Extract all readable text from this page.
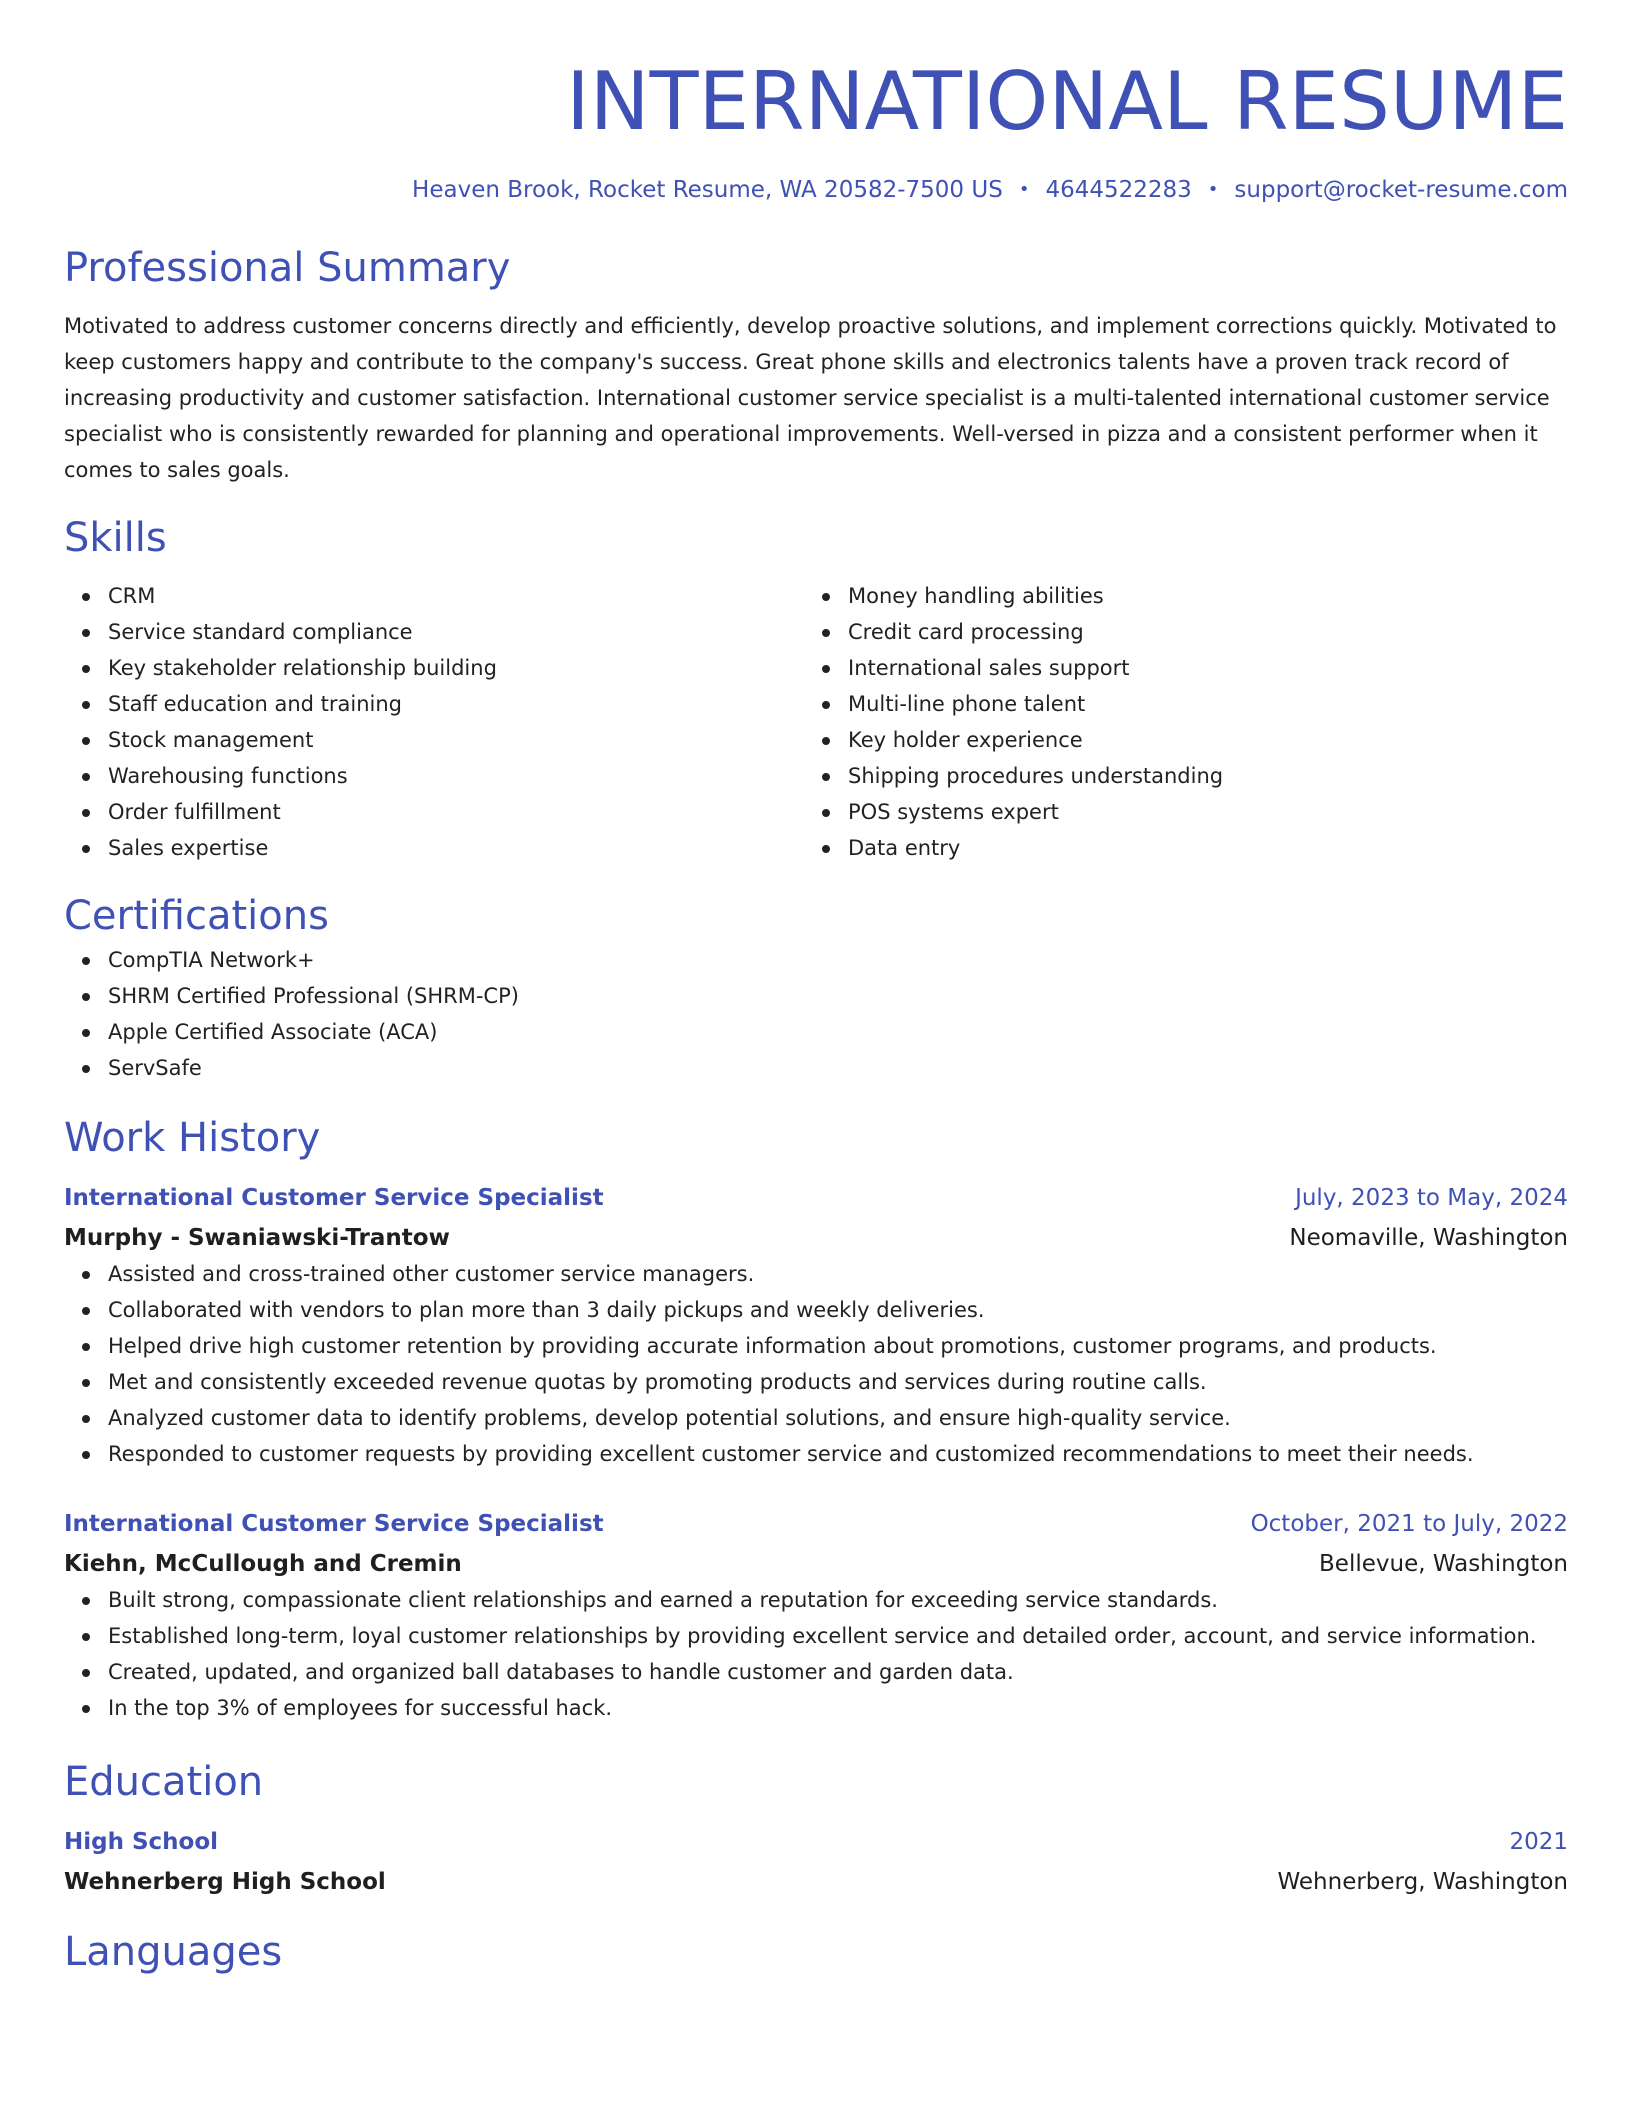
INTERNATIONAL RESUME
Heaven Brook, Rocket Resume, WA 20582-7500 US • 4644522283 • support@rocket-resume.com
Professional Summary

Motivated to address customer concerns directly and efficiently, develop proactive solutions, and implement corrections quickly. Motivated to keep customers happy and contribute to the company's success. Great phone skills and electronics talents have a proven track record of increasing productivity and customer satisfaction. International customer service specialist is a multi-talented international customer service specialist who is consistently rewarded for planning and operational improvements. Well-versed in pizza and a consistent performer when it comes to sales goals.

Skills
CRM
Service standard compliance
Key stakeholder relationship building
Staff education and training
Stock management
Warehousing functions
Order fulfillment
Sales expertise
Money handling abilities
Credit card processing
International sales support
Multi-line phone talent
Key holder experience
Shipping procedures understanding
POS systems expert
Data entry
Certifications
CompTIA Network+
SHRM Certified Professional (SHRM-CP)
Apple Certified Associate (ACA)
ServSafe
Work History
International Customer Service Specialist	July, 2023 to May, 2024
Murphy - Swaniawski-Trantow	Neomaville, Washington
Assisted and cross-trained other customer service managers.
Collaborated with vendors to plan more than 3 daily pickups and weekly deliveries.
Helped drive high customer retention by providing accurate information about promotions, customer programs, and products.
Met and consistently exceeded revenue quotas by promoting products and services during routine calls.
Analyzed customer data to identify problems, develop potential solutions, and ensure high-quality service.
Responded to customer requests by providing excellent customer service and customized recommendations to meet their needs.
International Customer Service Specialist	October, 2021 to July, 2022
Kiehn, McCullough and Cremin	Bellevue, Washington
Built strong, compassionate client relationships and earned a reputation for exceeding service standards.
Established long-term, loyal customer relationships by providing excellent service and detailed order, account, and service information.
Created, updated, and organized ball databases to handle customer and garden data.
In the top 3% of employees for successful hack.
Education
High School	2021
Wehnerberg High School	Wehnerberg, Washington
Languages
